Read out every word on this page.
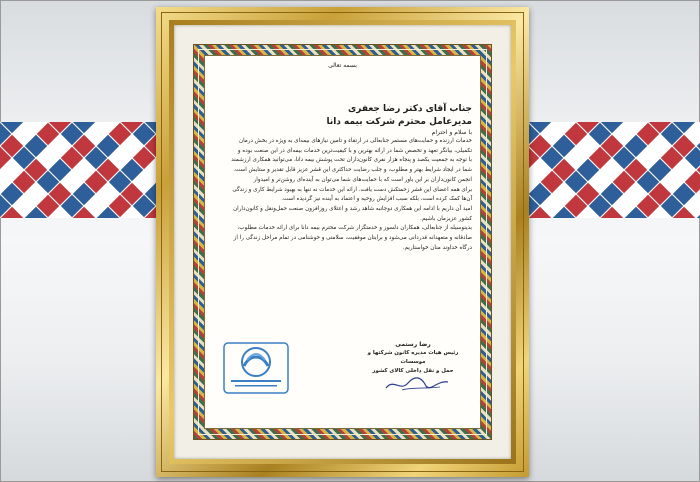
بسمه تعالی
جناب آقای دکتر رضا جعفری
مدیرعامل محترم شرکت بیمه دانا
با سلام و احترام

خدمات ارزنده و حمایت‌های مستمر جنابعالی در ارتقاء و تامین نیازهای بیمه‌ای به ویژه در بخش درمان

تکمیلی، بیانگر تعهد و تخصص شما در ارائه بهترین و با کیفیت‌ترین خدمات بیمه‌ای در این صنعت بوده و

با توجه به جمعیت یکصد و پنجاه هزار نفری کانون‌داران تحت پوشش بیمه دانا، می‌توانید همکاری ارزشمند

شما در ایجاد شرایط بهتر و مطلوب، و جلب رضایت حداکثری این قشر عزیز قابل تقدیر و ستایش است.

انجمن کانون‌داران بر این باور است که با حمایت‌های شما می‌توان به آینده‌ای روشن‌تر و امیدوار

برای همه اعضای این قشر زحمتکش دست یافت. ارائه این خدمات نه تنها به بهبود شرایط کاری و زندگی

آن‌ها کمک کرده است، بلکه سبب افزایش روحیه و اعتماد به آینده نیز گردیده است.

امید آن داریم با ادامه این همکاری دوجانبه شاهد رشد و اعتلای روزافزون صنعت حمل‌ونقل و کانون‌داران

کشور عزیزمان باشیم.

بدینوسیله از جنابعالی، همکاران دلسوز و خدمتگزار شرکت محترم بیمه دانا برای ارائه خدمات مطلوب،

صادقانه و متعهدانه قدردانی می‌شود و برایتان موفقیت، سلامتی و خوشنامی در تمام مراحل زندگی را از

درگاه خداوند منان خواستاریم.

رضا رستمی
رئیس هیات مدیره کانون شرکتها و موسسات
حمل و نقل داخلی کالای کشور
